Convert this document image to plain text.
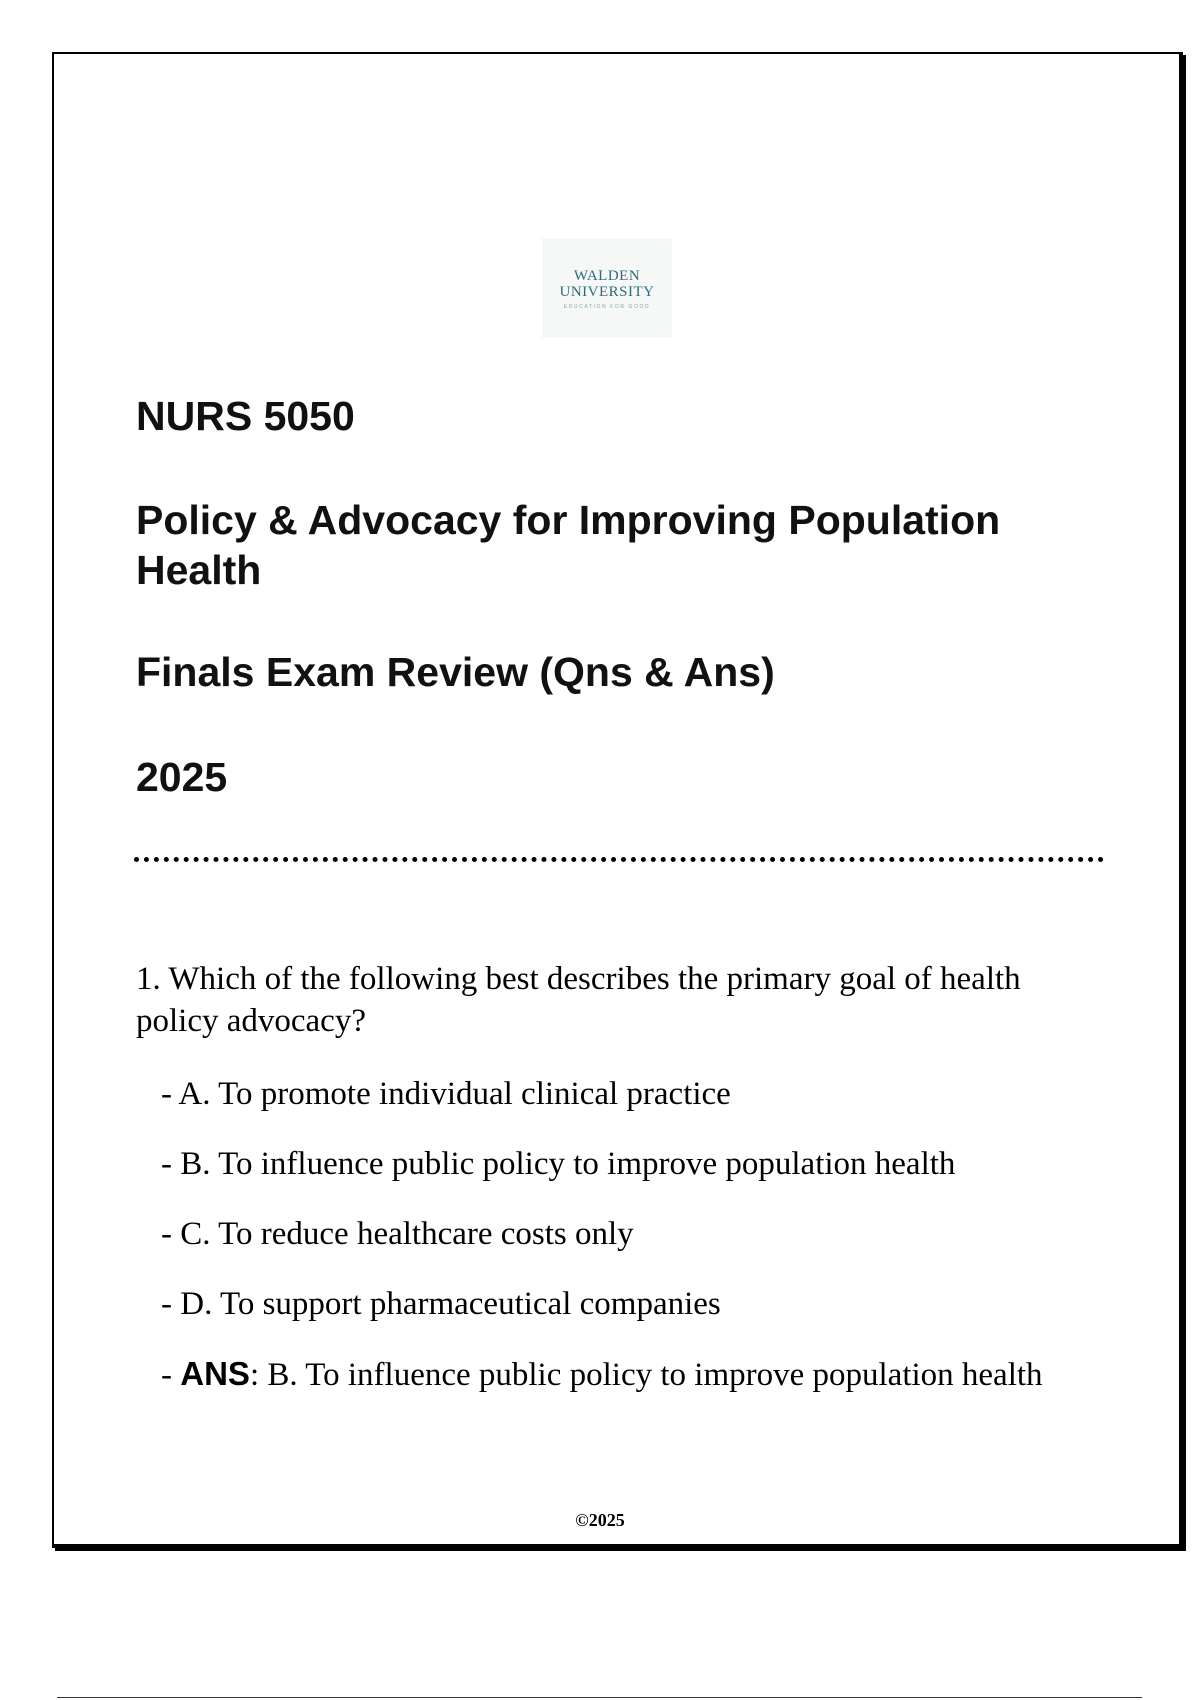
WALDEN
UNIVERSITY
EDUCATION FOR GOOD
NURS 5050
Policy & Advocacy for Improving Population Health
Finals Exam Review (Qns & Ans)
2025

1. Which of the following best describes the primary goal of health policy advocacy?

- A. To promote individual clinical practice

- B. To influence public policy to improve population health

- C. To reduce healthcare costs only

- D. To support pharmaceutical companies

- ANS: B. To influence public policy to improve population health

©2025
